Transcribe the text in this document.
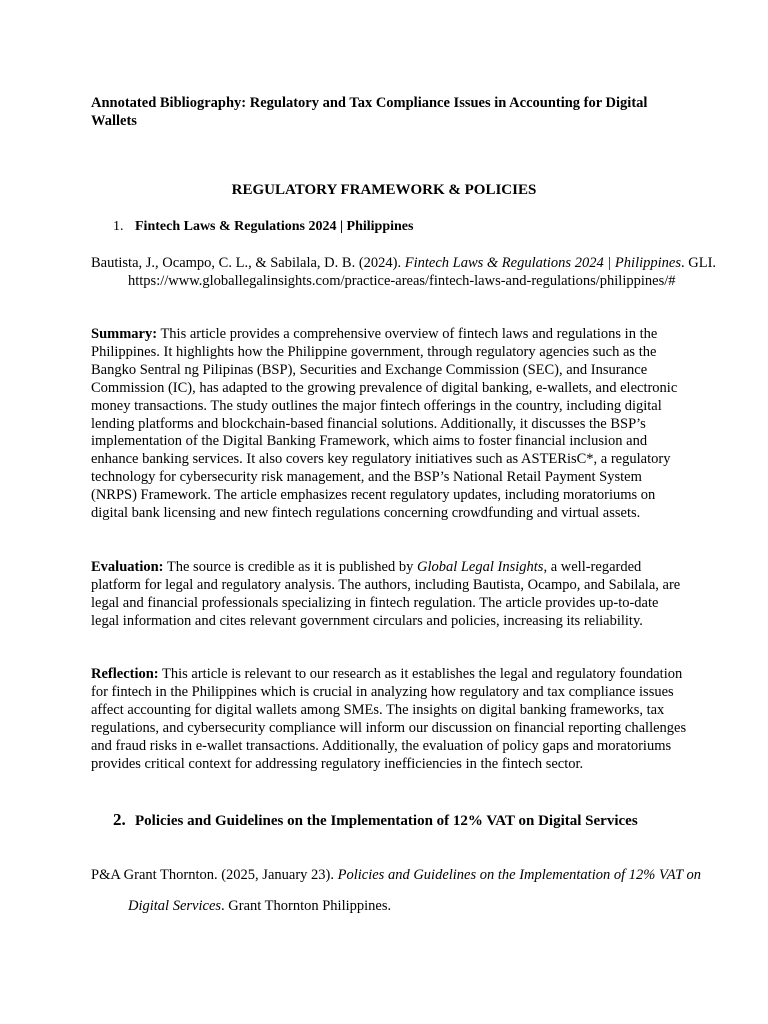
Annotated Bibliography: Regulatory and Tax Compliance Issues in Accounting for Digital Wallets

REGULATORY FRAMEWORK & POLICIES

1. Fintech Laws & Regulations 2024 | Philippines

Bautista, J., Ocampo, C. L., & Sabilala, D. B. (2024). Fintech Laws & Regulations 2024 | Philippines. GLI. https://www.globallegalinsights.com/practice-areas/fintech-laws-and-regulations/philippines/#

Summary: This article provides a comprehensive overview of fintech laws and regulations in the Philippines. It highlights how the Philippine government, through regulatory agencies such as the Bangko Sentral ng Pilipinas (BSP), Securities and Exchange Commission (SEC), and Insurance Commission (IC), has adapted to the growing prevalence of digital banking, e-wallets, and electronic money transactions. The study outlines the major fintech offerings in the country, including digital lending platforms and blockchain-based financial solutions. Additionally, it discusses the BSP’s implementation of the Digital Banking Framework, which aims to foster financial inclusion and enhance banking services. It also covers key regulatory initiatives such as ASTERisC*, a regulatory technology for cybersecurity risk management, and the BSP’s National Retail Payment System (NRPS) Framework. The article emphasizes recent regulatory updates, including moratoriums on digital bank licensing and new fintech regulations concerning crowdfunding and virtual assets.

Evaluation: The source is credible as it is published by Global Legal Insights, a well-regarded platform for legal and regulatory analysis. The authors, including Bautista, Ocampo, and Sabilala, are legal and financial professionals specializing in fintech regulation. The article provides up-to-date legal information and cites relevant government circulars and policies, increasing its reliability.

Reflection: This article is relevant to our research as it establishes the legal and regulatory foundation for fintech in the Philippines which is crucial in analyzing how regulatory and tax compliance issues affect accounting for digital wallets among SMEs. The insights on digital banking frameworks, tax regulations, and cybersecurity compliance will inform our discussion on financial reporting challenges and fraud risks in e-wallet transactions. Additionally, the evaluation of policy gaps and moratoriums provides critical context for addressing regulatory inefficiencies in the fintech sector.

2. Policies and Guidelines on the Implementation of 12% VAT on Digital Services

P&A Grant Thornton. (2025, January 23). Policies and Guidelines on the Implementation of 12% VAT on Digital Services. Grant Thornton Philippines.
